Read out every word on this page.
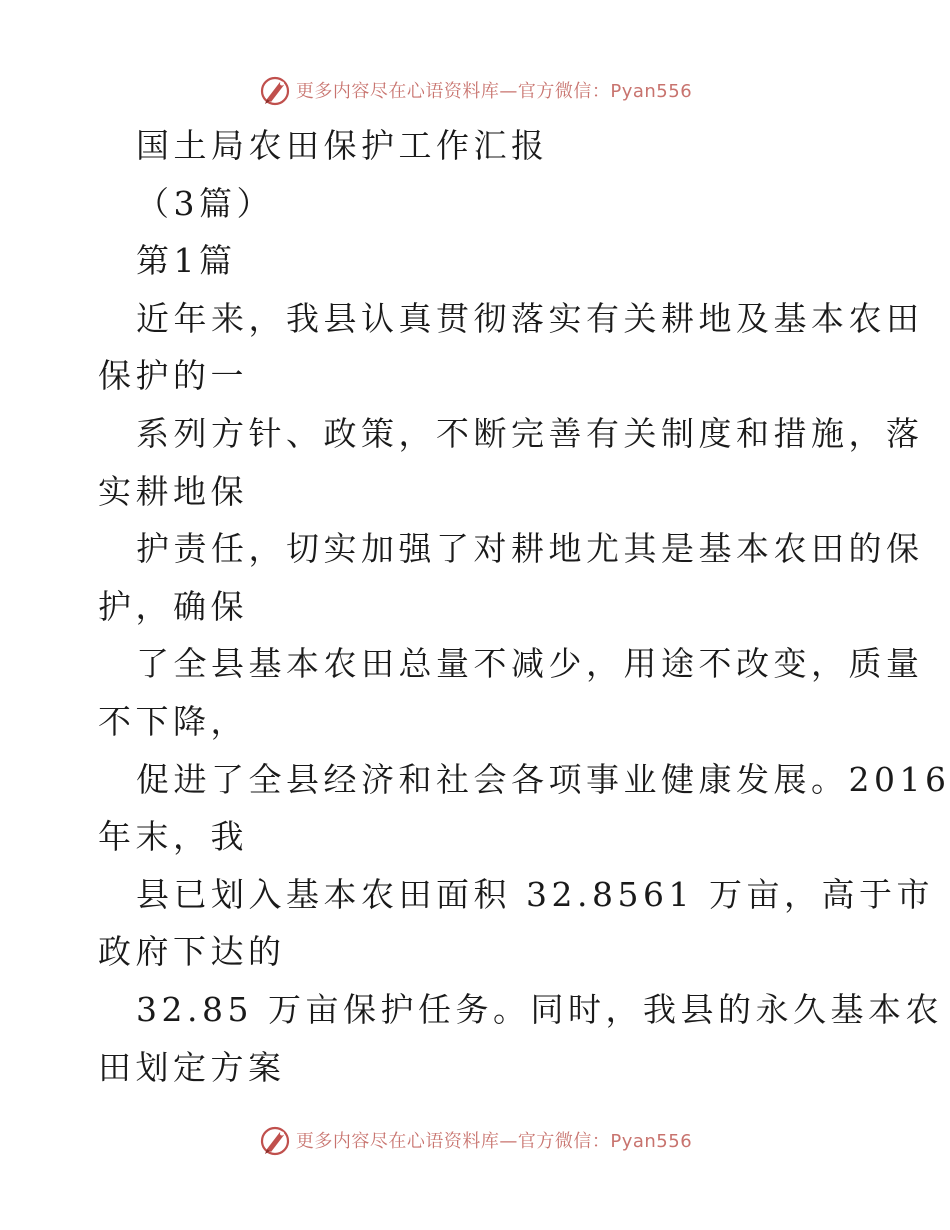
更多内容尽在心语资料库—官方微信：Pyan556
国土局农田保护工作汇报
（3篇）
第1篇
近年来，我县认真贯彻落实有关耕地及基本农田
保护的一
系列方针、政策，不断完善有关制度和措施，落
实耕地保
护责任，切实加强了对耕地尤其是基本农田的保
护，确保
了全县基本农田总量不减少，用途不改变，质量
不下降，
促进了全县经济和社会各项事业健康发展。2016
年末，我
县已划入基本农田面积 32.8561 万亩，高于市
政府下达的
32.85 万亩保护任务。同时，我县的永久基本农
田划定方案
更多内容尽在心语资料库—官方微信：Pyan556
